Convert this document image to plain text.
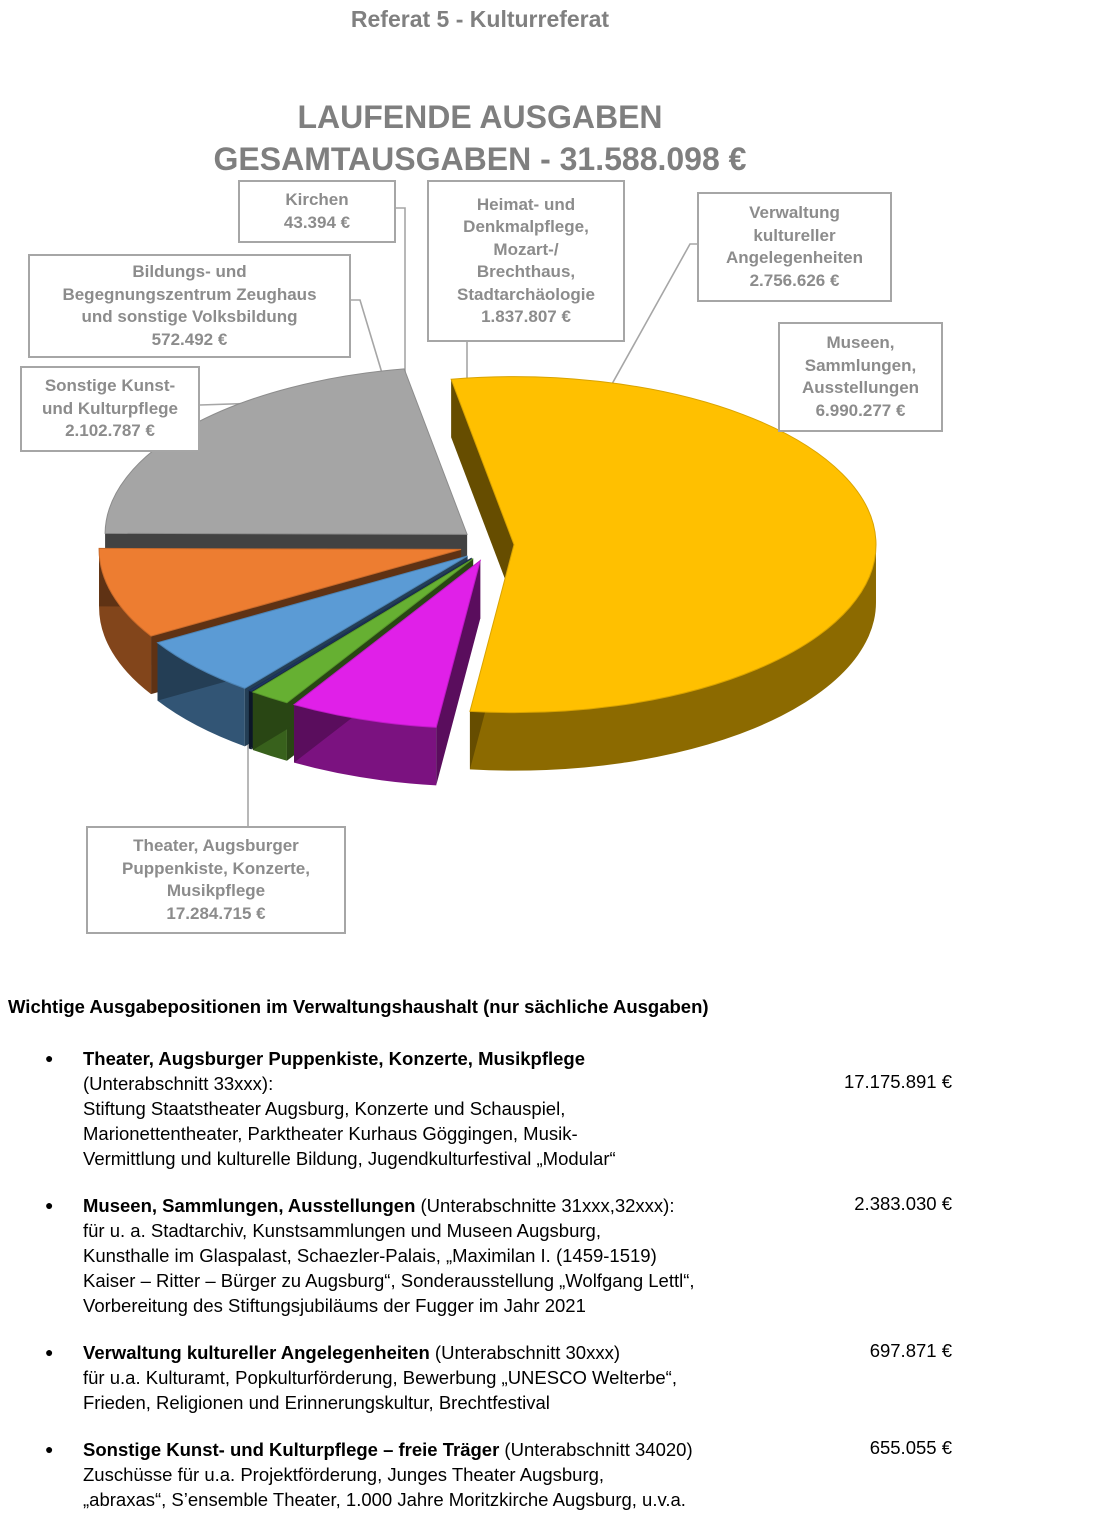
Referat 5 - Kulturreferat
LAUFENDE AUSGABEN
GESAMTAUSGABEN - 31.588.098 €
Theater, Augsburger
Puppenkiste, Konzerte,
Musikpflege
17.284.715 €
Sonstige Kunst-
und Kulturpflege
2.102.787 €
Bildungs- und
Begegnungszentrum Zeughaus
und sonstige Volksbildung
572.492 €
Kirchen
43.394 €
Heimat- und
Denkmalpflege,
Mozart-/
Brechthaus,
Stadtarchäologie
1.837.807 €
Verwaltung
kultureller
Angelegenheiten
2.756.626 €
Museen,
Sammlungen,
Ausstellungen
6.990.277 €
Wichtige Ausgabepositionen im Verwaltungshaushalt (nur sächliche Ausgaben)
● Theater, Augsburger Puppenkiste, Konzerte, Musikpflege
(Unterabschnitt 33xxx):
Stiftung Staatstheater Augsburg, Konzerte und Schauspiel,
Marionettentheater, Parktheater Kurhaus Göggingen, Musik-
Vermittlung und kulturelle Bildung, Jugendkulturfestival „Modular“
17.175.891 €
● Museen, Sammlungen, Ausstellungen (Unterabschnitte 31xxx,32xxx):
für u. a. Stadtarchiv, Kunstsammlungen und Museen Augsburg,
Kunsthalle im Glaspalast, Schaezler-Palais, „Maximilan I. (1459-1519)
Kaiser – Ritter – Bürger zu Augsburg“, Sonderausstellung „Wolfgang Lettl“,
Vorbereitung des Stiftungsjubiläums der Fugger im Jahr 2021
2.383.030 €
● Verwaltung kultureller Angelegenheiten (Unterabschnitt 30xxx)
für u.a. Kulturamt, Popkulturförderung, Bewerbung „UNESCO Welterbe“,
Frieden, Religionen und Erinnerungskultur, Brechtfestival
697.871 €
● Sonstige Kunst- und Kulturpflege – freie Träger (Unterabschnitt 34020)
Zuschüsse für u.a. Projektförderung, Junges Theater Augsburg,
„abraxas“, S’ensemble Theater, 1.000 Jahre Moritzkirche Augsburg, u.v.a.
655.055 €
